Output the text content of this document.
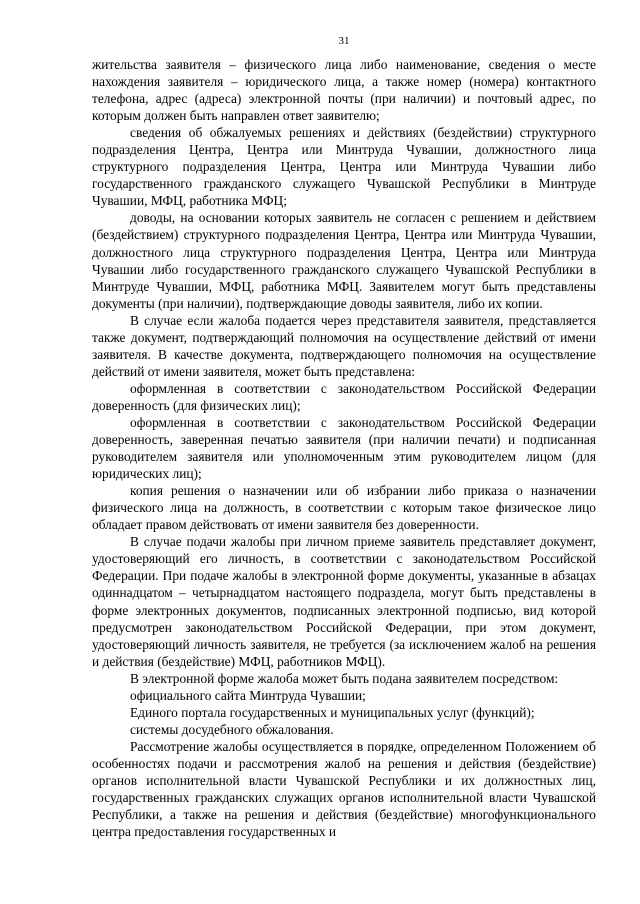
31

жительства заявителя – физического лица либо наименование, сведения о месте нахождения заявителя – юридического лица, а также номер (номера) контактного телефона, адрес (адреса) электронной почты (при наличии) и почтовый адрес, по которым должен быть направлен ответ заявителю;

сведения об обжалуемых решениях и действиях (бездействии) структурного подразделения Центра, Центра или Минтруда Чувашии, должностного лица структурного подразделения Центра, Центра или Минтруда Чувашии либо государственного гражданского служащего Чувашской Республики в Минтруде Чувашии, МФЦ, работника МФЦ;

доводы, на основании которых заявитель не согласен с решением и действием (бездействием) структурного подразделения Центра, Центра или Минтруда Чувашии, должностного лица структурного подразделения Центра, Центра или Минтруда Чувашии либо государственного гражданского служащего Чувашской Республики в Минтруде Чувашии, МФЦ, работника МФЦ. Заявителем могут быть представлены документы (при наличии), подтверждающие доводы заявителя, либо их копии.

В случае если жалоба подается через представителя заявителя, представляется также документ, подтверждающий полномочия на осуществление действий от имени заявителя. В качестве документа, подтверждающего полномочия на осуществление действий от имени заявителя, может быть представлена:

оформленная в соответствии с законодательством Российской Федерации доверенность (для физических лиц);

оформленная в соответствии с законодательством Российской Федерации доверенность, заверенная печатью заявителя (при наличии печати) и подписанная руководителем заявителя или уполномоченным этим руководителем лицом (для юридических лиц);

копия решения о назначении или об избрании либо приказа о назначении физического лица на должность, в соответствии с которым такое физическое лицо обладает правом действовать от имени заявителя без доверенности.

В случае подачи жалобы при личном приеме заявитель представляет документ, удостоверяющий его личность, в соответствии с законодательством Российской Федерации. При подаче жалобы в электронной форме документы, указанные в абзацах одиннадцатом – четырнадцатом настоящего подраздела, могут быть представлены в форме электронных документов, подписанных электронной подписью, вид которой предусмотрен законодательством Российской Федерации, при этом документ, удостоверяющий личность заявителя, не требуется (за исключением жалоб на решения и действия (бездействие) МФЦ, работников МФЦ).

В электронной форме жалоба может быть подана заявителем посредством:

официального сайта Минтруда Чувашии;

Единого портала государственных и муниципальных услуг (функций);

системы досудебного обжалования.

Рассмотрение жалобы осуществляется в порядке, определенном Положением об особенностях подачи и рассмотрения жалоб на решения и действия (бездействие) органов исполнительной власти Чувашской Республики и их должностных лиц, государственных гражданских служащих органов исполнительной власти Чувашской Республики, а также на решения и действия (бездействие) многофункционального центра предоставления государственных и
